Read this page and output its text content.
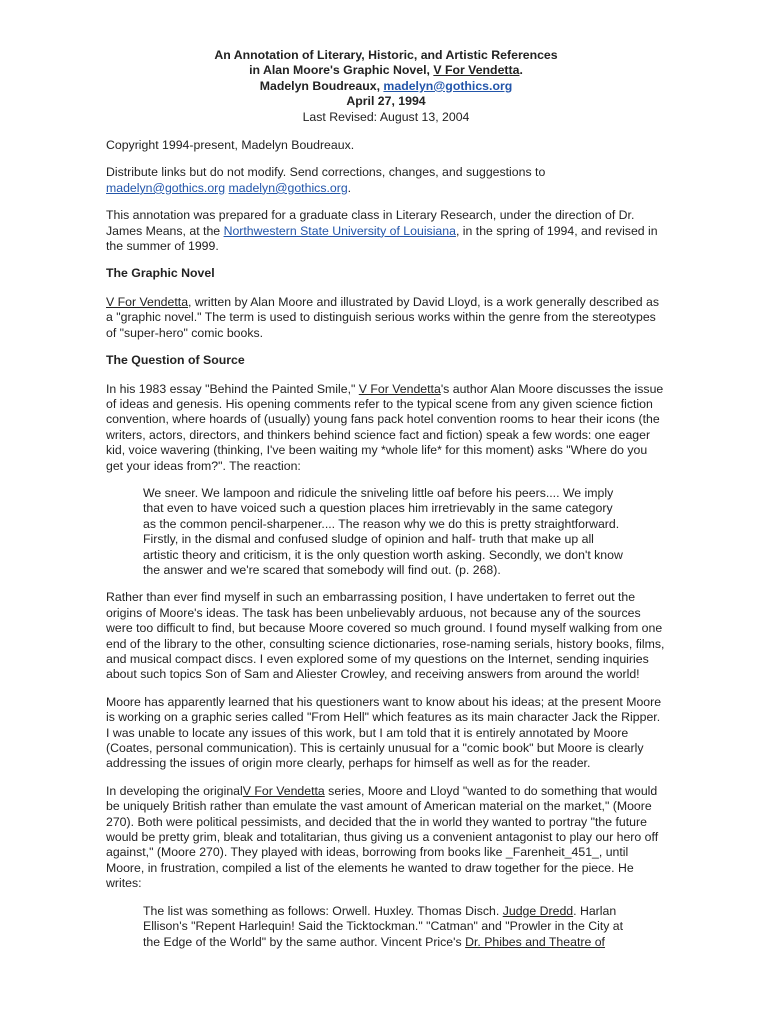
An Annotation of Literary, Historic, and Artistic References
in Alan Moore's Graphic Novel, V For Vendetta.
Madelyn Boudreaux, madelyn@gothics.org
April 27, 1994
Last Revised: August 13, 2004

Copyright 1994-present, Madelyn Boudreaux.

Distribute links but do not modify. Send corrections, changes, and suggestions to
madelyn@gothics.org madelyn@gothics.org.

This annotation was prepared for a graduate class in Literary Research, under the direction of Dr. James Means, at the Northwestern State University of Louisiana, in the spring of 1994, and revised in the summer of 1999.

The Graphic Novel

V For Vendetta, written by Alan Moore and illustrated by David Lloyd, is a work generally described as a "graphic novel." The term is used to distinguish serious works within the genre from the stereotypes of "super-hero" comic books.

The Question of Source

In his 1983 essay "Behind the Painted Smile," V For Vendetta's author Alan Moore discusses the issue of ideas and genesis. His opening comments refer to the typical scene from any given science fiction convention, where hoards of (usually) young fans pack hotel convention rooms to hear their icons (the writers, actors, directors, and thinkers behind science fact and fiction) speak a few words: one eager kid, voice wavering (thinking, I've been waiting my *whole life* for this moment) asks "Where do you get your ideas from?". The reaction:

We sneer. We lampoon and ridicule the sniveling little oaf before his peers.... We imply that even to have voiced such a question places him irretrievably in the same category as the common pencil-sharpener.... The reason why we do this is pretty straightforward. Firstly, in the dismal and confused sludge of opinion and half- truth that make up all artistic theory and criticism, it is the only question worth asking. Secondly, we don't know the answer and we're scared that somebody will find out. (p. 268).

Rather than ever find myself in such an embarrassing position, I have undertaken to ferret out the origins of Moore's ideas. The task has been unbelievably arduous, not because any of the sources were too difficult to find, but because Moore covered so much ground. I found myself walking from one end of the library to the other, consulting science dictionaries, rose-naming serials, history books, films, and musical compact discs. I even explored some of my questions on the Internet, sending inquiries about such topics Son of Sam and Aliester Crowley, and receiving answers from around the world!

Moore has apparently learned that his questioners want to know about his ideas; at the present Moore is working on a graphic series called "From Hell" which features as its main character Jack the Ripper. I was unable to locate any issues of this work, but I am told that it is entirely annotated by Moore (Coates, personal communication). This is certainly unusual for a "comic book" but Moore is clearly addressing the issues of origin more clearly, perhaps for himself as well as for the reader.

In developing the originalV For Vendetta series, Moore and Lloyd "wanted to do something that would be uniquely British rather than emulate the vast amount of American material on the market," (Moore 270). Both were political pessimists, and decided that the in world they wanted to portray "the future would be pretty grim, bleak and totalitarian, thus giving us a convenient antagonist to play our hero off against," (Moore 270). They played with ideas, borrowing from books like _Farenheit_451_, until Moore, in frustration, compiled a list of the elements he wanted to draw together for the piece. He writes:

The list was something as follows: Orwell. Huxley. Thomas Disch. Judge Dredd. Harlan Ellison's "Repent Harlequin! Said the Ticktockman." "Catman" and "Prowler in the City at the Edge of the World" by the same author. Vincent Price's Dr. Phibes and Theatre of
